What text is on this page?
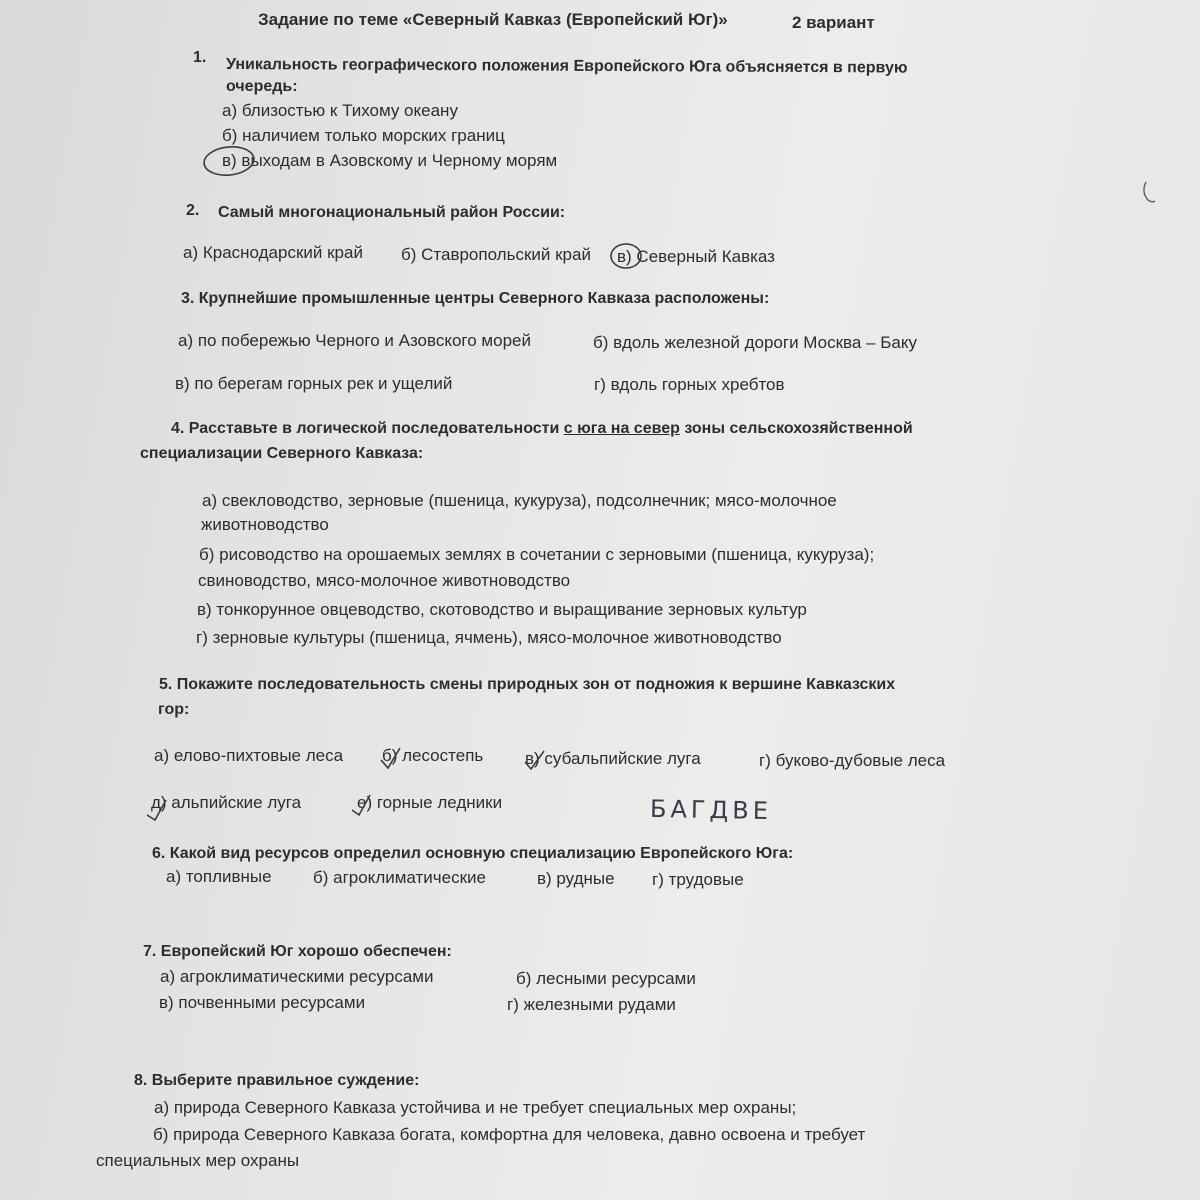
Задание по теме «Северный Кавказ (Европейский Юг)»	2 вариант
1. Уникальность географического положения Европейского Юга объясняется в первую
очередь:
а) близостью к Тихому океану
б) наличием только морских границ
в) выходам в Азовскому и Черному морям
2. Самый многонациональный район России:
а) Краснодарский край б) Ставропольский край в) Северный Кавказ
3. Крупнейшие промышленные центры Северного Кавказа расположены:
а) по побережью Черного и Азовского морей	б) вдоль железной дороги Москва – Баку
в) по берегам горных рек и ущелий	г) вдоль горных хребтов
4. Расставьте в логической последовательности с юга на север зоны сельскохозяйственной
специализации Северного Кавказа:
а) свекловодство, зерновые (пшеница, кукуруза), подсолнечник; мясо-молочное
животноводство
б) рисоводство на орошаемых землях в сочетании с зерновыми (пшеница, кукуруза);
свиноводство, мясо-молочное животноводство
в) тонкорунное овцеводство, скотоводство и выращивание зерновых культур
г) зерновые культуры (пшеница, ячмень), мясо-молочное животноводство
5. Покажите последовательность смены природных зон от подножия к вершине Кавказских
гор:
а) елово-пихтовые леса б) лесостепь в) субальпийские луга	г) буково-дубовые леса
д) альпийские луга	е) горные ледники	БАГДВЕ
6. Какой вид ресурсов определил основную специализацию Европейского Юга:
а) топливные б) агроклиматические	в) рудные г) трудовые
7. Европейский Юг хорошо обеспечен:
а) агроклиматическими ресурсами	б) лесными ресурсами
в) почвенными ресурсами	г) железными рудами
8. Выберите правильное суждение:
а) природа Северного Кавказа устойчива и не требует специальных мер охраны;
б) природа Северного Кавказа богата, комфортна для человека, давно освоена и требует
специальных мер охраны
